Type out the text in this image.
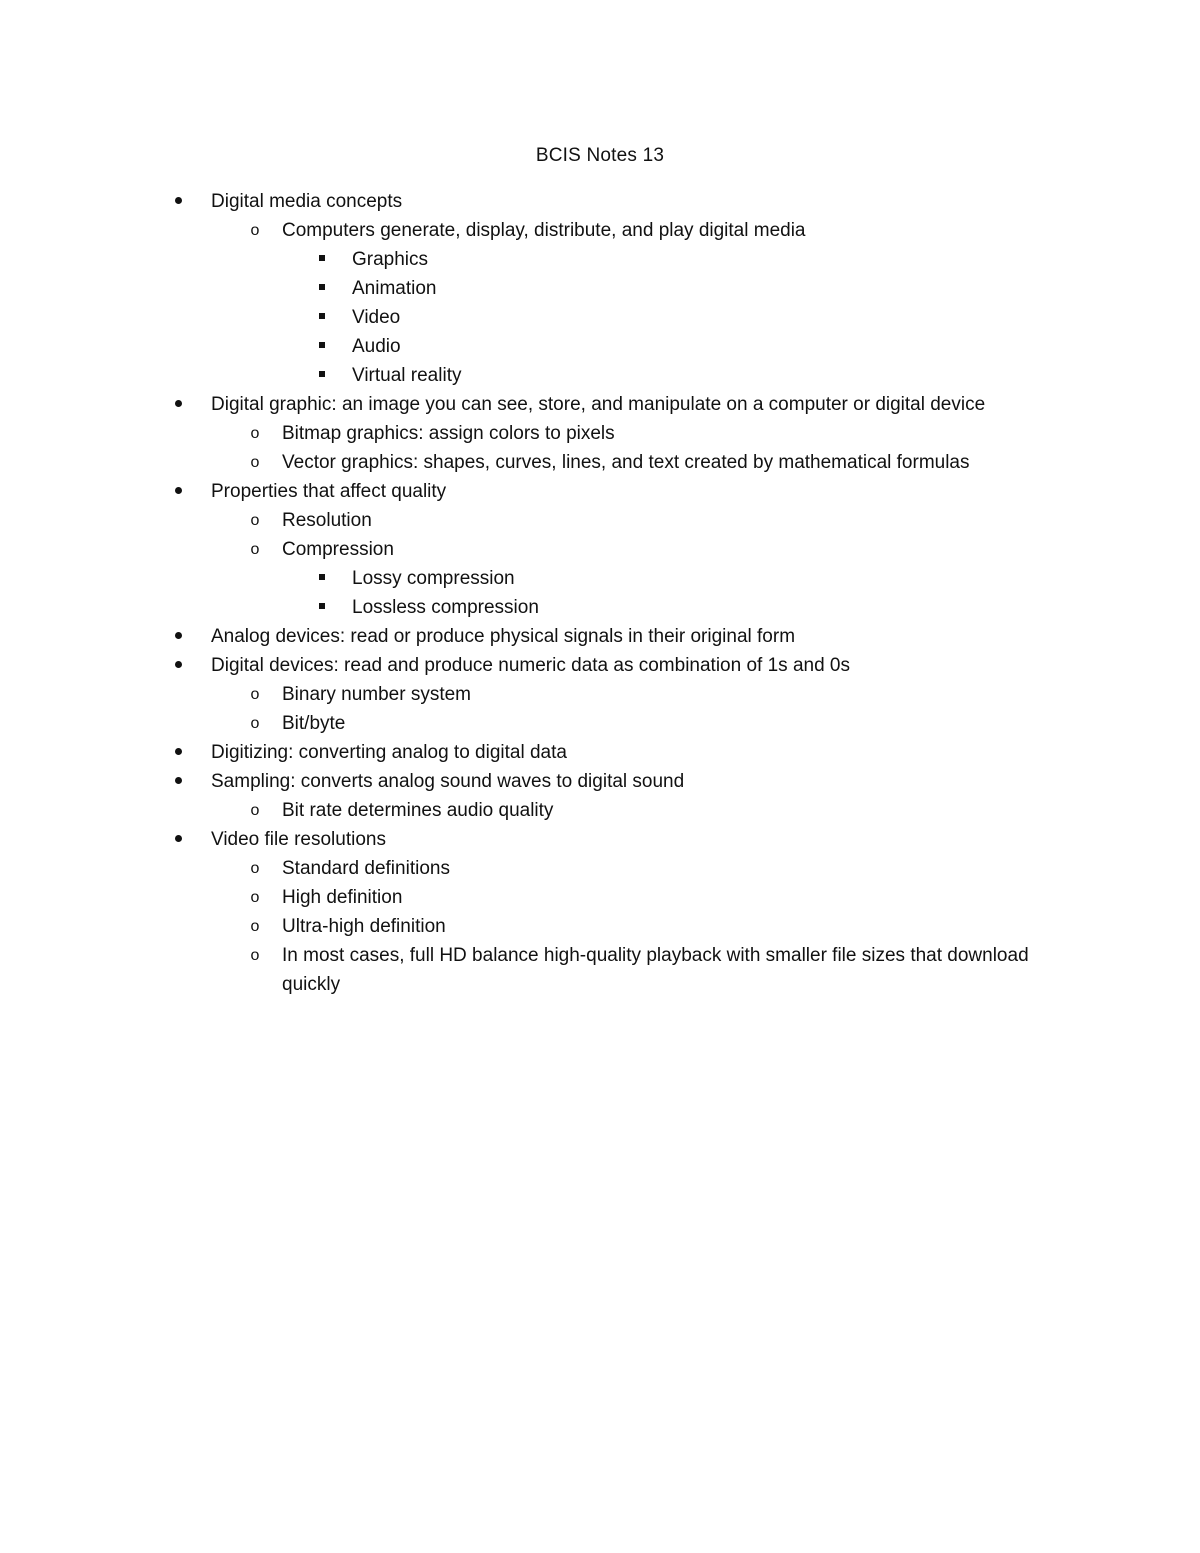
BCIS Notes 13
Digital media concepts
o Computers generate, display, distribute, and play digital media
Graphics
Animation
Video
Audio
Virtual reality
Digital graphic: an image you can see, store, and manipulate on a computer or digital device
o Bitmap graphics: assign colors to pixels
o Vector graphics: shapes, curves, lines, and text created by mathematical formulas
Properties that affect quality
o Resolution
o Compression
Lossy compression
Lossless compression
Analog devices: read or produce physical signals in their original form
Digital devices: read and produce numeric data as combination of 1s and 0s
o Binary number system
o Bit/byte
Digitizing: converting analog to digital data
Sampling: converts analog sound waves to digital sound
o Bit rate determines audio quality
Video file resolutions
o Standard definitions
o High definition
o Ultra-high definition
o In most cases, full HD balance high-quality playback with smaller file sizes that download quickly
